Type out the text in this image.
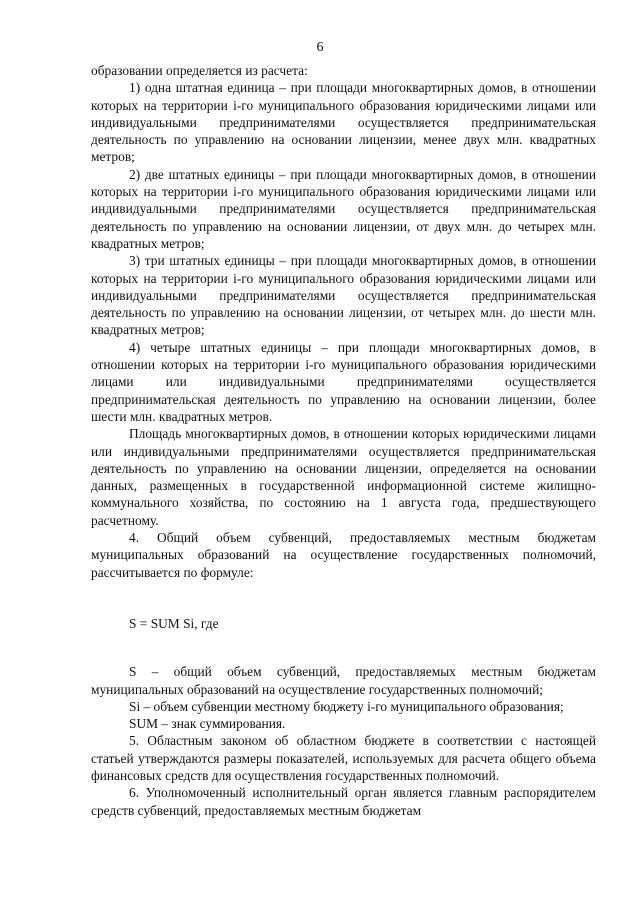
6

образовании определяется из расчета:

1) одна штатная единица – при площади многоквартирных домов, в отношении которых на территории i-го муниципального образования юридическими лицами или индивидуальными предпринимателями осуществляется предпринимательская деятельность по управлению на основании лицензии, менее двух млн. квадратных метров;

2) две штатных единицы – при площади многоквартирных домов, в отношении которых на территории i-го муниципального образования юридическими лицами или индивидуальными предпринимателями осуществляется предпринимательская деятельность по управлению на основании лицензии, от двух млн. до четырех млн. квадратных метров;

3) три штатных единицы – при площади многоквартирных домов, в отношении которых на территории i-го муниципального образования юридическими лицами или индивидуальными предпринимателями осуществляется предпринимательская деятельность по управлению на основании лицензии, от четырех млн. до шести млн. квадратных метров;

4) четыре штатных единицы – при площади многоквартирных домов, в отношении которых на территории i-го муниципального образования юридическими лицами или индивидуальными предпринимателями осуществляется предпринимательская деятельность по управлению на основании лицензии, более шести млн. квадратных метров.

Площадь многоквартирных домов, в отношении которых юридическими лицами или индивидуальными предпринимателями осуществляется предпринимательская деятельность по управлению на основании лицензии, определяется на основании данных, размещенных в государственной информационной системе жилищно-коммунального хозяйства, по состоянию на 1 августа года, предшествующего расчетному.

4. Общий объем субвенций, предоставляемых местным бюджетам муниципальных образований на осуществление государственных полномочий, рассчитывается по формуле:

S = SUM Si, где

S – общий объем субвенций, предоставляемых местным бюджетам муниципальных образований на осуществление государственных полномочий;

Si – объем субвенции местному бюджету i-го муниципального образования;

SUM – знак суммирования.

5. Областным законом об областном бюджете в соответствии с настоящей статьей утверждаются размеры показателей, используемых для расчета общего объема финансовых средств для осуществления государственных полномочий.

6. Уполномоченный исполнительный орган является главным распорядителем средств субвенций, предоставляемых местным бюджетам
